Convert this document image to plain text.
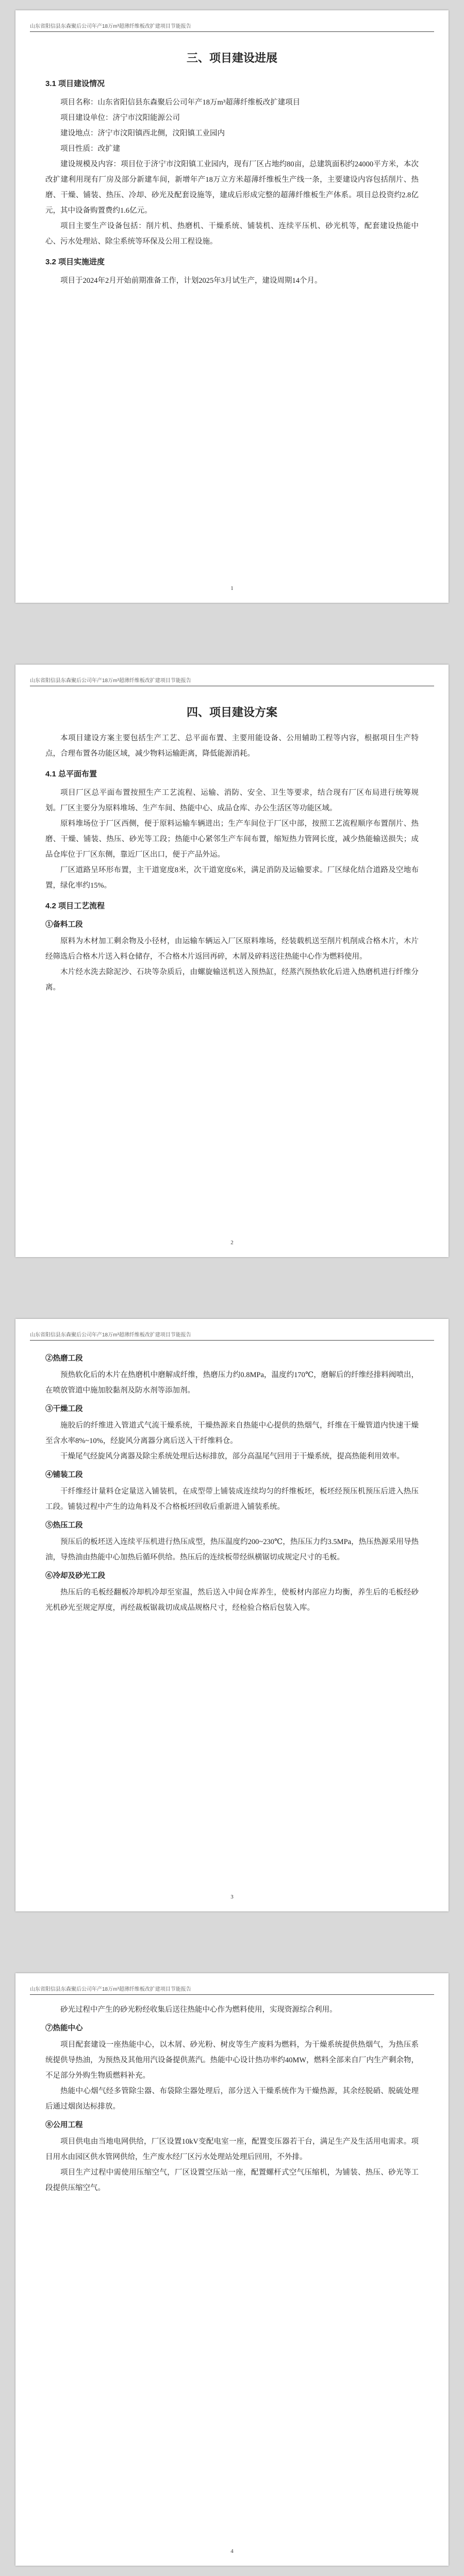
山东省阳信县东森聚后公司年产18万m³超薄纤维板改扩建项目节能报告
三、项目建设进展
3.1 项目建设情况

项目名称：山东省阳信县东森聚后公司年产18万m³超薄纤维板改扩建项目

项目建设单位：济宁市汶阳能源公司

建设地点：济宁市汶阳镇西北侧，汶阳镇工业园内

项目性质：改扩建

建设规模及内容：项目位于济宁市汶阳镇工业园内，现有厂区占地约80亩，总建筑面积约24000平方米，本次改扩建利用现有厂房及部分新建车间，新增年产18万立方米超薄纤维板生产线一条，主要建设内容包括削片、热磨、干燥、铺装、热压、冷却、砂光及配套设施等，建成后形成完整的超薄纤维板生产体系。项目总投资约2.8亿元，其中设备购置费约1.6亿元。

项目主要生产设备包括：削片机、热磨机、干燥系统、铺装机、连续平压机、砂光机等，配套建设热能中心、污水处理站、除尘系统等环保及公用工程设施。

3.2 项目实施进度

项目于2024年2月开始前期准备工作，计划2025年3月试生产，建设周期14个月。

1
山东省阳信县东森聚后公司年产18万m³超薄纤维板改扩建项目节能报告
四、项目建设方案

本项目建设方案主要包括生产工艺、总平面布置、主要用能设备、公用辅助工程等内容，根据项目生产特点，合理布置各功能区域，减少物料运输距离，降低能源消耗。

4.1 总平面布置

项目厂区总平面布置按照生产工艺流程、运输、消防、安全、卫生等要求，结合现有厂区布局进行统筹规划。厂区主要分为原料堆场、生产车间、热能中心、成品仓库、办公生活区等功能区域。

原料堆场位于厂区西侧，便于原料运输车辆进出；生产车间位于厂区中部，按照工艺流程顺序布置削片、热磨、干燥、铺装、热压、砂光等工段；热能中心紧邻生产车间布置，缩短热力管网长度，减少热能输送损失；成品仓库位于厂区东侧，靠近厂区出口，便于产品外运。

厂区道路呈环形布置，主干道宽度8米，次干道宽度6米，满足消防及运输要求。厂区绿化结合道路及空地布置，绿化率约15%。

4.2 项目工艺流程
①备料工段

原料为木材加工剩余物及小径材，由运输车辆运入厂区原料堆场，经装载机送至削片机削成合格木片，木片经筛选后合格木片送入料仓储存，不合格木片返回再碎，木屑及碎料送往热能中心作为燃料使用。

木片经水洗去除泥沙、石块等杂质后，由螺旋输送机送入预热缸，经蒸汽预热软化后进入热磨机进行纤维分离。

2
山东省阳信县东森聚后公司年产18万m³超薄纤维板改扩建项目节能报告
②热磨工段

预热软化后的木片在热磨机中磨解成纤维，热磨压力约0.8MPa，温度约170℃，磨解后的纤维经排料阀喷出，在喷放管道中施加胶黏剂及防水剂等添加剂。

③干燥工段

施胶后的纤维进入管道式气流干燥系统，干燥热源来自热能中心提供的热烟气，纤维在干燥管道内快速干燥至含水率8%~10%，经旋风分离器分离后送入干纤维料仓。

干燥尾气经旋风分离器及除尘系统处理后达标排放，部分高温尾气回用于干燥系统，提高热能利用效率。

④铺装工段

干纤维经计量料仓定量送入铺装机，在成型带上铺装成连续均匀的纤维板坯，板坯经预压机预压后进入热压工段。铺装过程中产生的边角料及不合格板坯回收后重新进入铺装系统。

⑤热压工段

预压后的板坯送入连续平压机进行热压成型，热压温度约200~230℃，热压压力约3.5MPa，热压热源采用导热油，导热油由热能中心加热后循环供给。热压后的连续板带经纵横锯切成规定尺寸的毛板。

⑥冷却及砂光工段

热压后的毛板经翻板冷却机冷却至室温，然后送入中间仓库养生，使板材内部应力均衡，养生后的毛板经砂光机砂光至规定厚度，再经裁板锯裁切成成品规格尺寸，经检验合格后包装入库。

3
山东省阳信县东森聚后公司年产18万m³超薄纤维板改扩建项目节能报告

砂光过程中产生的砂光粉经收集后送往热能中心作为燃料使用，实现资源综合利用。

⑦热能中心

项目配套建设一座热能中心，以木屑、砂光粉、树皮等生产废料为燃料，为干燥系统提供热烟气，为热压系统提供导热油，为预热及其他用汽设备提供蒸汽。热能中心设计热功率约40MW，燃料全部来自厂内生产剩余物，不足部分外购生物质燃料补充。

热能中心烟气经多管除尘器、布袋除尘器处理后，部分送入干燥系统作为干燥热源，其余经脱硝、脱硫处理后通过烟囱达标排放。

⑧公用工程

项目供电由当地电网供给，厂区设置10kV变配电室一座，配置变压器若干台，满足生产及生活用电需求。项目用水由园区供水管网供给，生产废水经厂区污水处理站处理后回用，不外排。

项目生产过程中需使用压缩空气，厂区设置空压站一座，配置螺杆式空气压缩机，为铺装、热压、砂光等工段提供压缩空气。

4
